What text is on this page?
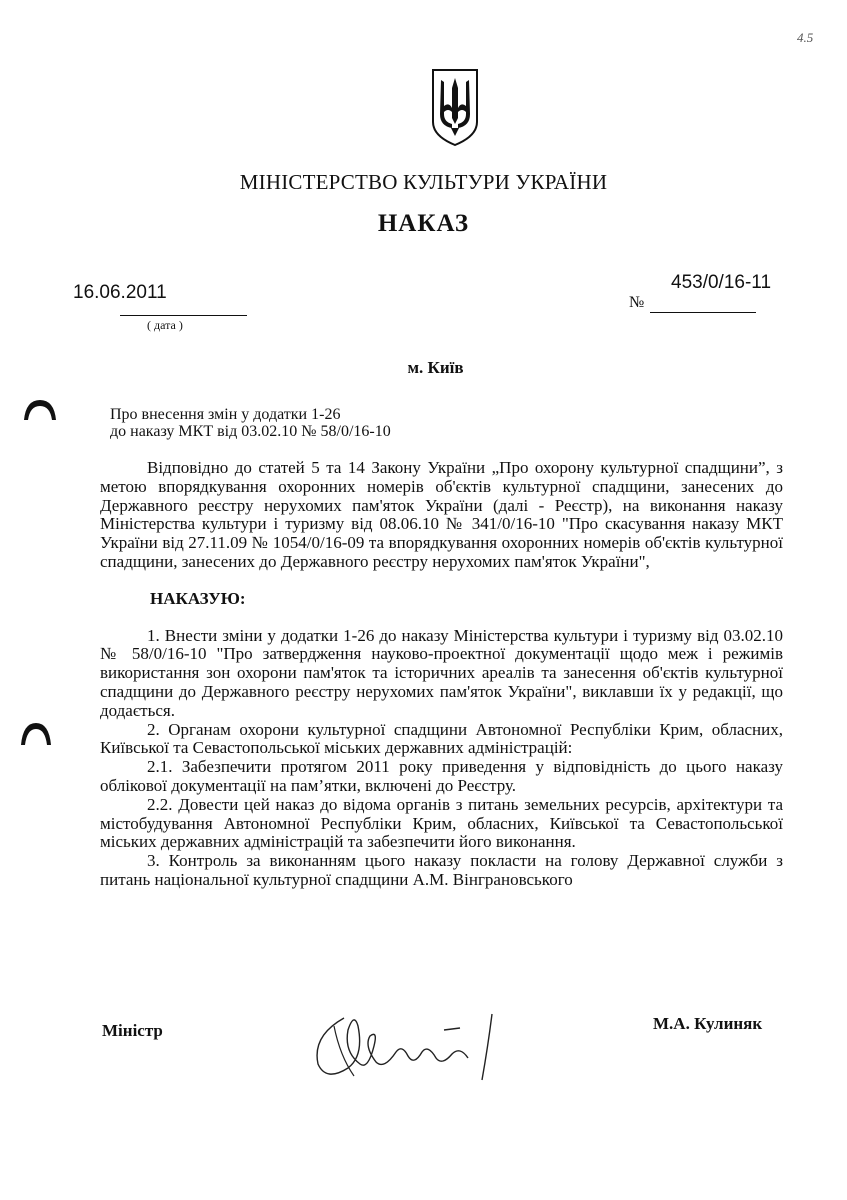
МІНІСТЕРСТВО КУЛЬТУРИ УКРАЇНИ
НАКАЗ
16.06.2011
( дата )
453/0/16-11
№
м. Київ
Про внесення змін у додатки 1-26
до наказу МКТ від 03.02.10 № 58/0/16-10

Відповідно до статей 5 та 14 Закону України „Про охорону культурної спадщини”, з метою впорядкування охоронних номерів об'єктів культурної спадщини, занесених до Державного реєстру нерухомих пам'яток України (далі - Реєстр), на виконання наказу Міністерства культури і туризму від 08.06.10 № 341/0/16-10 "Про скасування наказу МКТ України від 27.11.09 № 1054/0/16-09 та впорядкування охоронних номерів об'єктів культурної спадщини, занесених до Державного реєстру нерухомих пам'яток України",

НАКАЗУЮ:

1. Внести зміни у додатки 1-26 до наказу Міністерства культури і туризму від 03.02.10 № 58/0/16-10 "Про затвердження науково-проектної документації щодо меж і режимів використання зон охорони пам'яток та історичних ареалів та занесення об'єктів культурної спадщини до Державного реєстру нерухомих пам'яток України", виклавши їх у редакції, що додається.

2. Органам охорони культурної спадщини Автономної Республіки Крим, обласних, Київської та Севастопольської міських державних адміністрацій:

2.1. Забезпечити протягом 2011 року приведення у відповідність до цього наказу облікової документації на пам’ятки, включені до Реєстру.

2.2. Довести цей наказ до відома органів з питань земельних ресурсів, архітектури та містобудування Автономної Республіки Крим, обласних, Київської та Севастопольської міських державних адміністрацій та забезпечити його виконання.

3. Контроль за виконанням цього наказу покласти на голову Державної служби з питань національної культурної спадщини А.М. Вінграновського

Міністр	М.А. Кулиняк
4.5
